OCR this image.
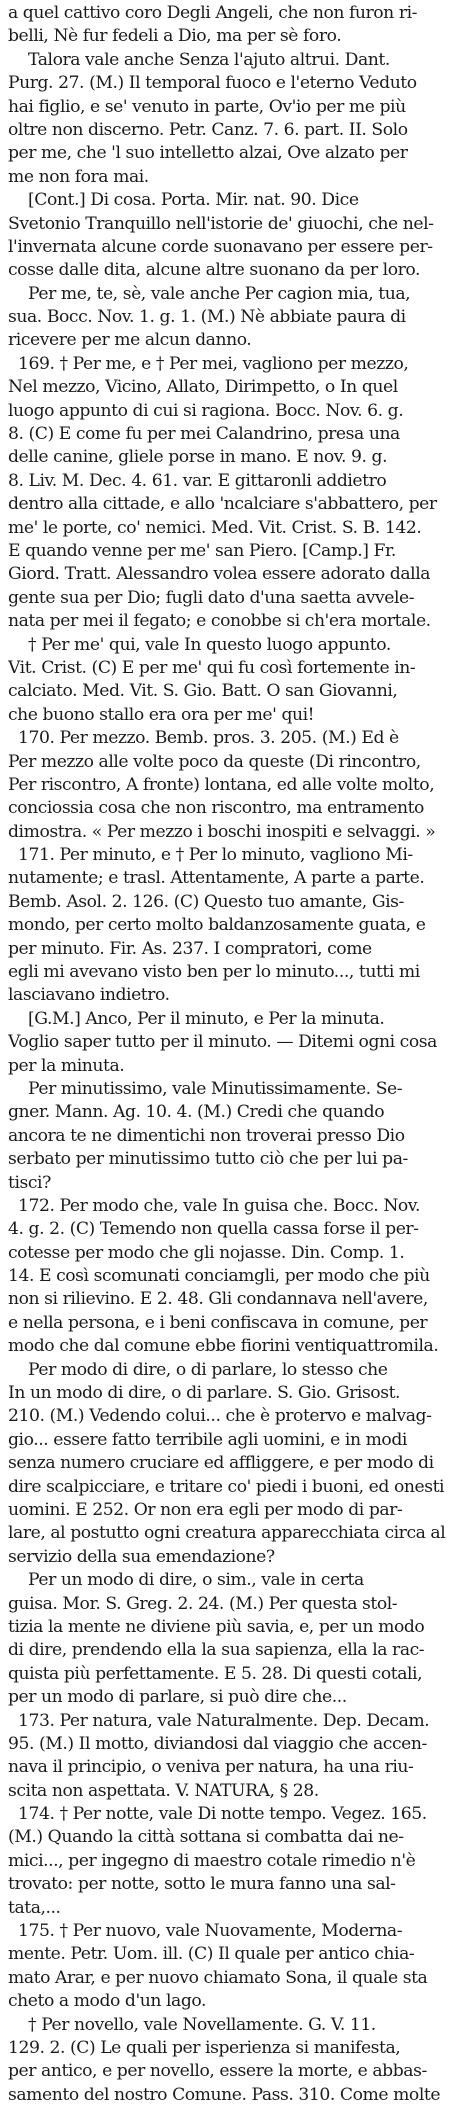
a quel cattivo coro Degli Angeli, che non furon ri-
belli, Nè fur fedeli a Dio, ma per sè foro.
Talora vale anche Senza l'ajuto altrui. Dant.
Purg. 27. (M.) Il temporal fuoco e l'eterno Veduto
hai figlio, e se' venuto in parte, Ov'io per me più
oltre non discerno. Petr. Canz. 7. 6. part. II. Solo
per me, che 'l suo intelletto alzai, Ove alzato per
me non fora mai.
[Cont.] Di cosa. Porta. Mir. nat. 90. Dice
Svetonio Tranquillo nell'istorie de' giuochi, che nel-
l'invernata alcune corde suonavano per essere per-
cosse dalle dita, alcune altre suonano da per loro.
Per me, te, sè, vale anche Per cagion mia, tua,
sua. Bocc. Nov. 1. g. 1. (M.) Nè abbiate paura di
ricevere per me alcun danno.
169. † Per me, e † Per mei, vagliono per mezzo,
Nel mezzo, Vicino, Allato, Dirimpetto, o In quel
luogo appunto di cui si ragiona. Bocc. Nov. 6. g.
8. (C) E come fu per mei Calandrino, presa una
delle canine, gliele porse in mano. E nov. 9. g.
8. Liv. M. Dec. 4. 61. var. E gittaronli addietro
dentro alla cittade, e allo 'ncalciare s'abbattero, per
me' le porte, co' nemici. Med. Vit. Crist. S. B. 142.
E quando venne per me' san Piero. [Camp.] Fr.
Giord. Tratt. Alessandro volea essere adorato dalla
gente sua per Dio; fugli dato d'una saetta avvele-
nata per mei il fegato; e conobbe si ch'era mortale.
† Per me' qui, vale In questo luogo appunto.
Vit. Crist. (C) E per me' qui fu così fortemente in-
calciato. Med. Vit. S. Gio. Batt. O san Giovanni,
che buono stallo era ora per me' qui!
170. Per mezzo. Bemb. pros. 3. 205. (M.) Ed è
Per mezzo alle volte poco da queste (Di rincontro,
Per riscontro, A fronte) lontana, ed alle volte molto,
conciossia cosa che non riscontro, ma entramento
dimostra. « Per mezzo i boschi inospiti e selvaggi. »
171. Per minuto, e † Per lo minuto, vagliono Mi-
nutamente; e trasl. Attentamente, A parte a parte.
Bemb. Asol. 2. 126. (C) Questo tuo amante, Gis-
mondo, per certo molto baldanzosamente guata, e
per minuto. Fir. As. 237. I compratori, come
egli mi avevano visto ben per lo minuto..., tutti mi
lasciavano indietro.
[G.M.] Anco, Per il minuto, e Per la minuta.
Voglio saper tutto per il minuto. — Ditemi ogni cosa
per la minuta.
Per minutissimo, vale Minutissimamente. Se-
gner. Mann. Ag. 10. 4. (M.) Credi che quando
ancora te ne dimentichi non troverai presso Dio
serbato per minutissimo tutto ciò che per lui pa-
tisci?
172. Per modo che, vale In guisa che. Bocc. Nov.
4. g. 2. (C) Temendo non quella cassa forse il per-
cotesse per modo che gli nojasse. Din. Comp. 1.
14. E così scomunati conciamgli, per modo che più
non si rilievino. E 2. 48. Gli condannava nell'avere,
e nella persona, e i beni confiscava in comune, per
modo che dal comune ebbe fiorini ventiquattromila.
Per modo di dire, o di parlare, lo stesso che
In un modo di dire, o di parlare. S. Gio. Grisost.
210. (M.) Vedendo colui... che è protervo e malvag-
gio... essere fatto terribile agli uomini, e in modi
senza numero cruciare ed affliggere, e per modo di
dire scalpicciare, e tritare co' piedi i buoni, ed onesti
uomini. E 252. Or non era egli per modo di par-
lare, al postutto ogni creatura apparecchiata circa al
servizio della sua emendazione?
Per un modo di dire, o sim., vale in certa
guisa. Mor. S. Greg. 2. 24. (M.) Per questa stol-
tizia la mente ne diviene più savia, e, per un modo
di dire, prendendo ella la sua sapienza, ella la rac-
quista più perfettamente. E 5. 28. Di questi cotali,
per un modo di parlare, si può dire che...
173. Per natura, vale Naturalmente. Dep. Decam.
95. (M.) Il motto, diviandosi dal viaggio che accen-
nava il principio, o veniva per natura, ha una riu-
scita non aspettata. V. NATURA, § 28.
174. † Per notte, vale Di notte tempo. Vegez. 165.
(M.) Quando la città sottana si combatta dai ne-
mici..., per ingegno di maestro cotale rimedio n'è
trovato: per notte, sotto le mura fanno una sal-
tata,...
175. † Per nuovo, vale Nuovamente, Moderna-
mente. Petr. Uom. ill. (C) Il quale per antico chia-
mato Arar, e per nuovo chiamato Sona, il quale sta
cheto a modo d'un lago.
† Per novello, vale Novellamente. G. V. 11.
129. 2. (C) Le quali per isperienza si manifesta,
per antico, e per novello, essere la morte, e abbas-
samento del nostro Comune. Pass. 310. Come molte
